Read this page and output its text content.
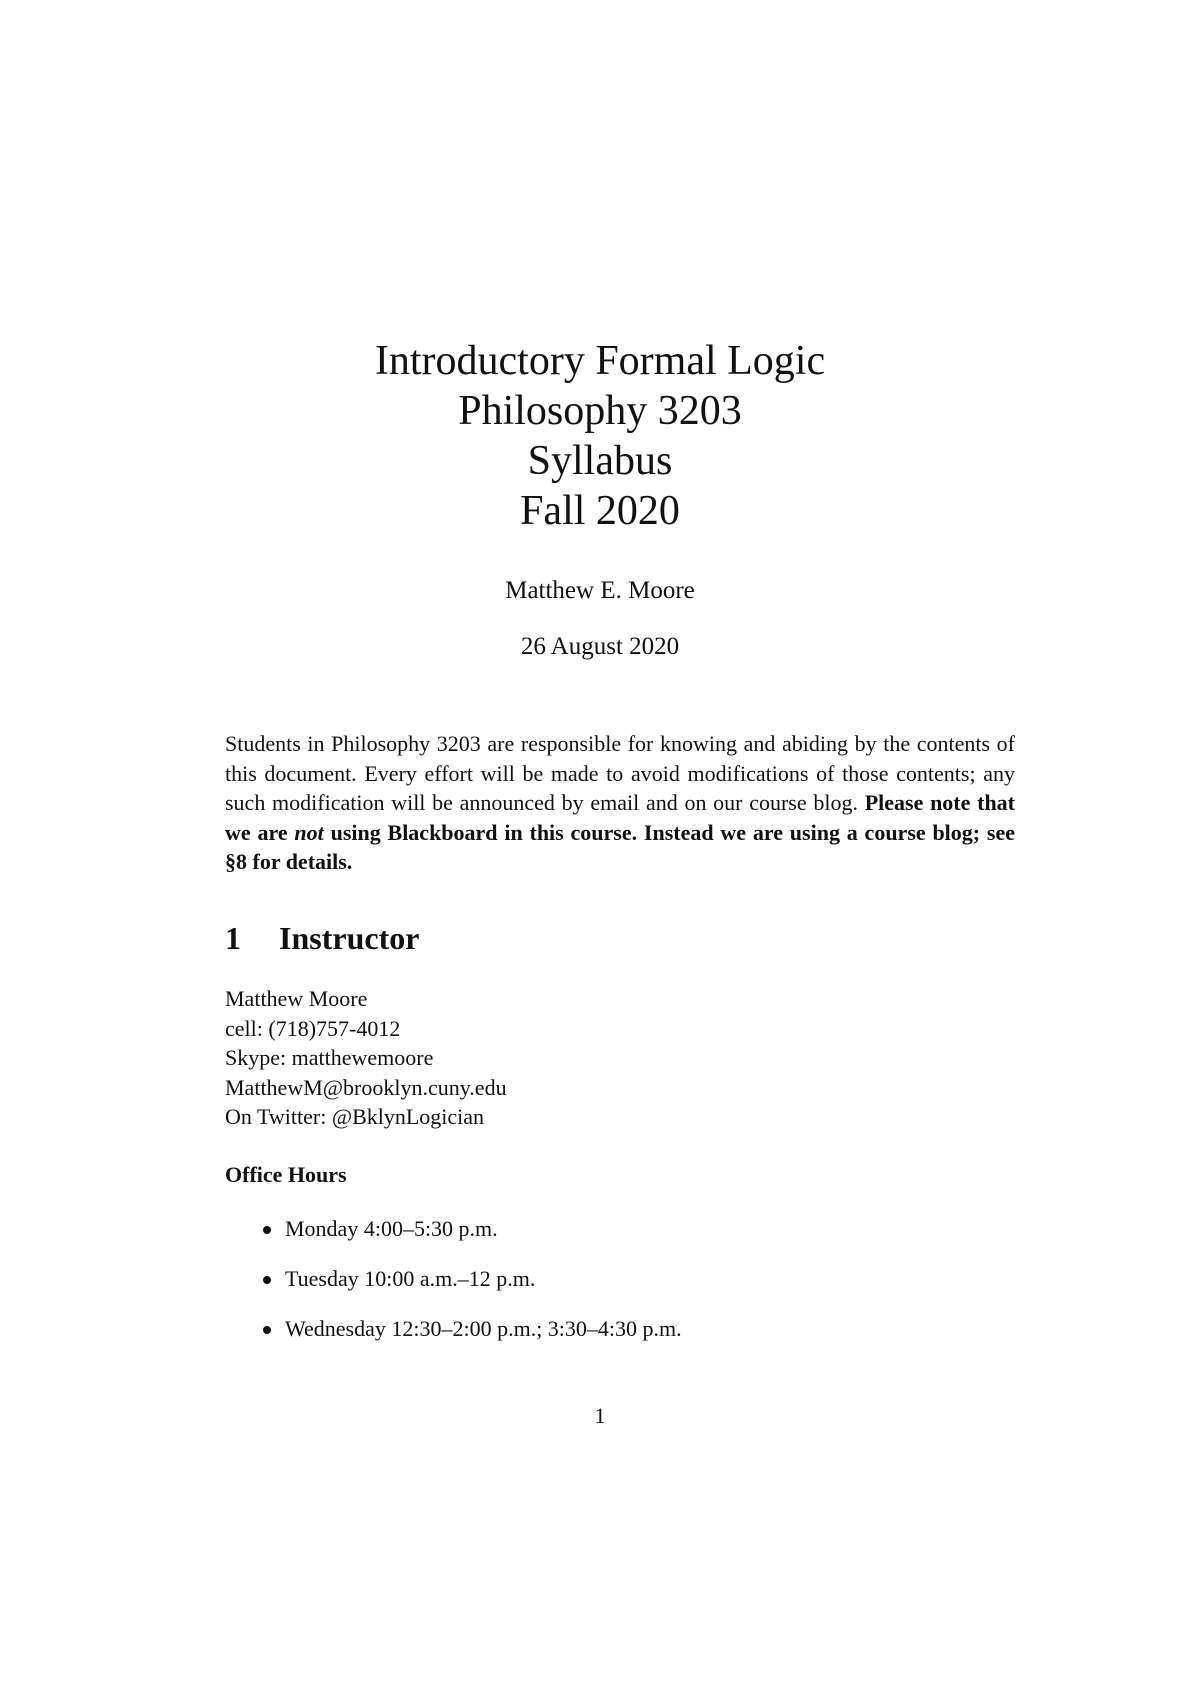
Introductory Formal Logic

Philosophy 3203

Syllabus

Fall 2020

Matthew E. Moore
26 August 2020

Students in Philosophy 3203 are responsible for knowing and abiding by the contents of this document. Every effort will be made to avoid modifications of those contents; any such modification will be announced by email and on our course blog. Please note that we are not using Blackboard in this course. Instead we are using a course blog; see §8 for details.

1 Instructor
Matthew Moore
cell: (718)757-4012
Skype: matthewemoore
MatthewM@brooklyn.cuny.edu
On Twitter: @BklynLogician
Office Hours
Monday 4:00–5:30 p.m.
Tuesday 10:00 a.m.–12 p.m.
Wednesday 12:30–2:00 p.m.; 3:30–4:30 p.m.
1
